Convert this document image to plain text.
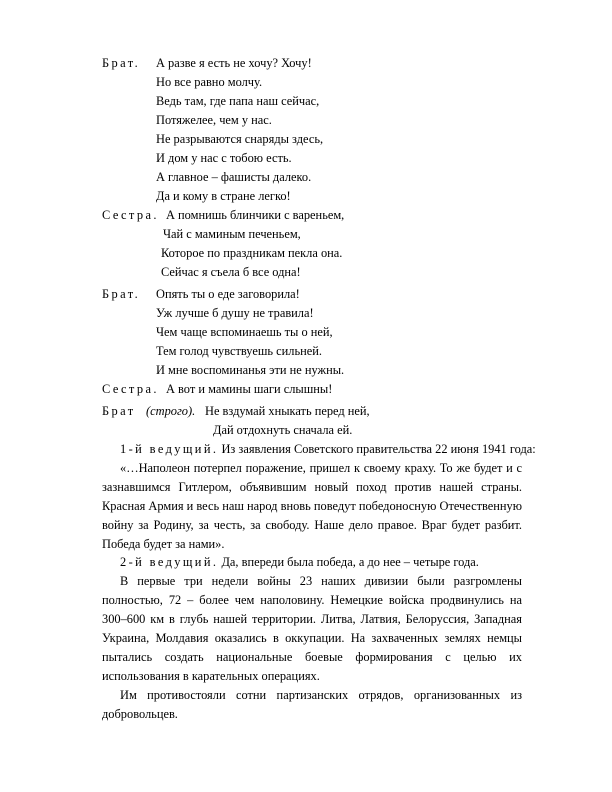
Брат. А разве я есть не хочу? Хочу!
Но все равно молчу.
Ведь там, где папа наш сейчас,
Потяжелее, чем у нас.
Не разрываются снаряды здесь,
И дом у нас с тобою есть.
А главное – фашисты далеко.
Да и кому в стране легко!
Сестра. А помнишь блинчики с вареньем,
Чай с маминым печеньем,
Которое по праздникам пекла она.
Сейчас я съела б все одна!
Брат. Опять ты о еде заговорила!
Уж лучше б душу не травила!
Чем чаще вспоминаешь ты о ней,
Тем голод чувствуешь сильней.
И мне воспоминанья эти не нужны.
Сестра. А вот и мамины шаги слышны!
Брат (строго). Не вздумай хныкать перед ней,
Дай отдохнуть сначала ей.
1-й ведущий. Из заявления Советского правительства 22 июня 1941 года:
«…Наполеон потерпел поражение, пришел к своему краху. То же будет и с зазнавшимся Гитлером, объявившим новый поход против нашей страны. Красная Армия и весь наш народ вновь поведут победоносную Отечественную войну за Родину, за честь, за свободу. Наше дело правое. Враг будет разбит. Победа будет за нами».
2-й ведущий. Да, впереди была победа, а до нее – четыре года.
В первые три недели войны 23 наших дивизии были разгромлены полностью, 72 – более чем наполовину. Немецкие войска продвинулись на 300–600 км в глубь нашей территории. Литва, Латвия, Белоруссия, Западная Украина, Молдавия оказались в оккупации. На захваченных землях немцы пытались создать национальные боевые формирования с целью их использования в карательных операциях.
Им противостояли сотни партизанских отрядов, организованных из добровольцев.
